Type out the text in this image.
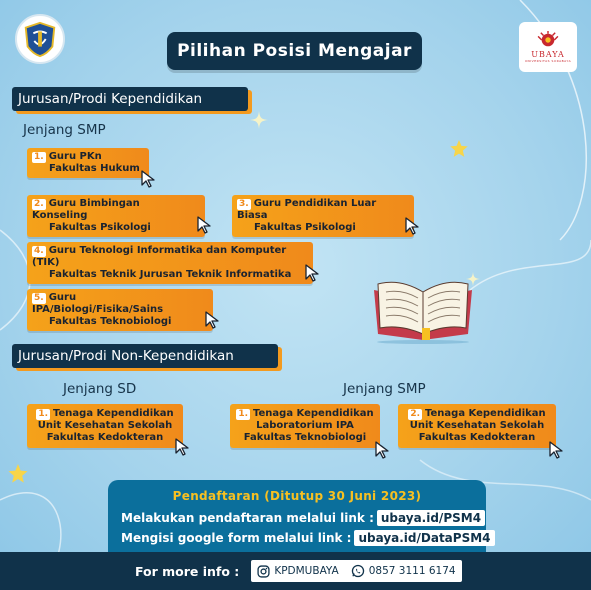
UBAYA
UNIVERSITAS SURABAYA
Pilihan Posisi Mengajar
Jurusan/Prodi Kependidikan
Jenjang SMP
1. Guru PKn
Fakultas Hukum
2. Guru Bimbingan Konseling
Fakultas Psikologi
3. Guru Pendidikan Luar Biasa
Fakultas Psikologi
4. Guru Teknologi Informatika dan Komputer (TIK)
Fakultas Teknik Jurusan Teknik Informatika
5. Guru IPA/Biologi/Fisika/Sains
Fakultas Teknobiologi
Jurusan/Prodi Non-Kependidikan
Jenjang SD	Jenjang SMP
1. Tenaga Kependidikan
Unit Kesehatan Sekolah
Fakultas Kedokteran
1. Tenaga Kependidikan
Laboratorium IPA
Fakultas Teknobiologi
2. Tenaga Kependidikan
Unit Kesehatan Sekolah
Fakultas Kedokteran
Pendaftaran (Ditutup 30 Juni 2023)
Melakukan pendaftaran melalui link : ubaya.id/PSM4
Mengisi google form melalui link : ubaya.id/DataPSM4
For more info :	KPDMUBAYA	0857 3111 6174
